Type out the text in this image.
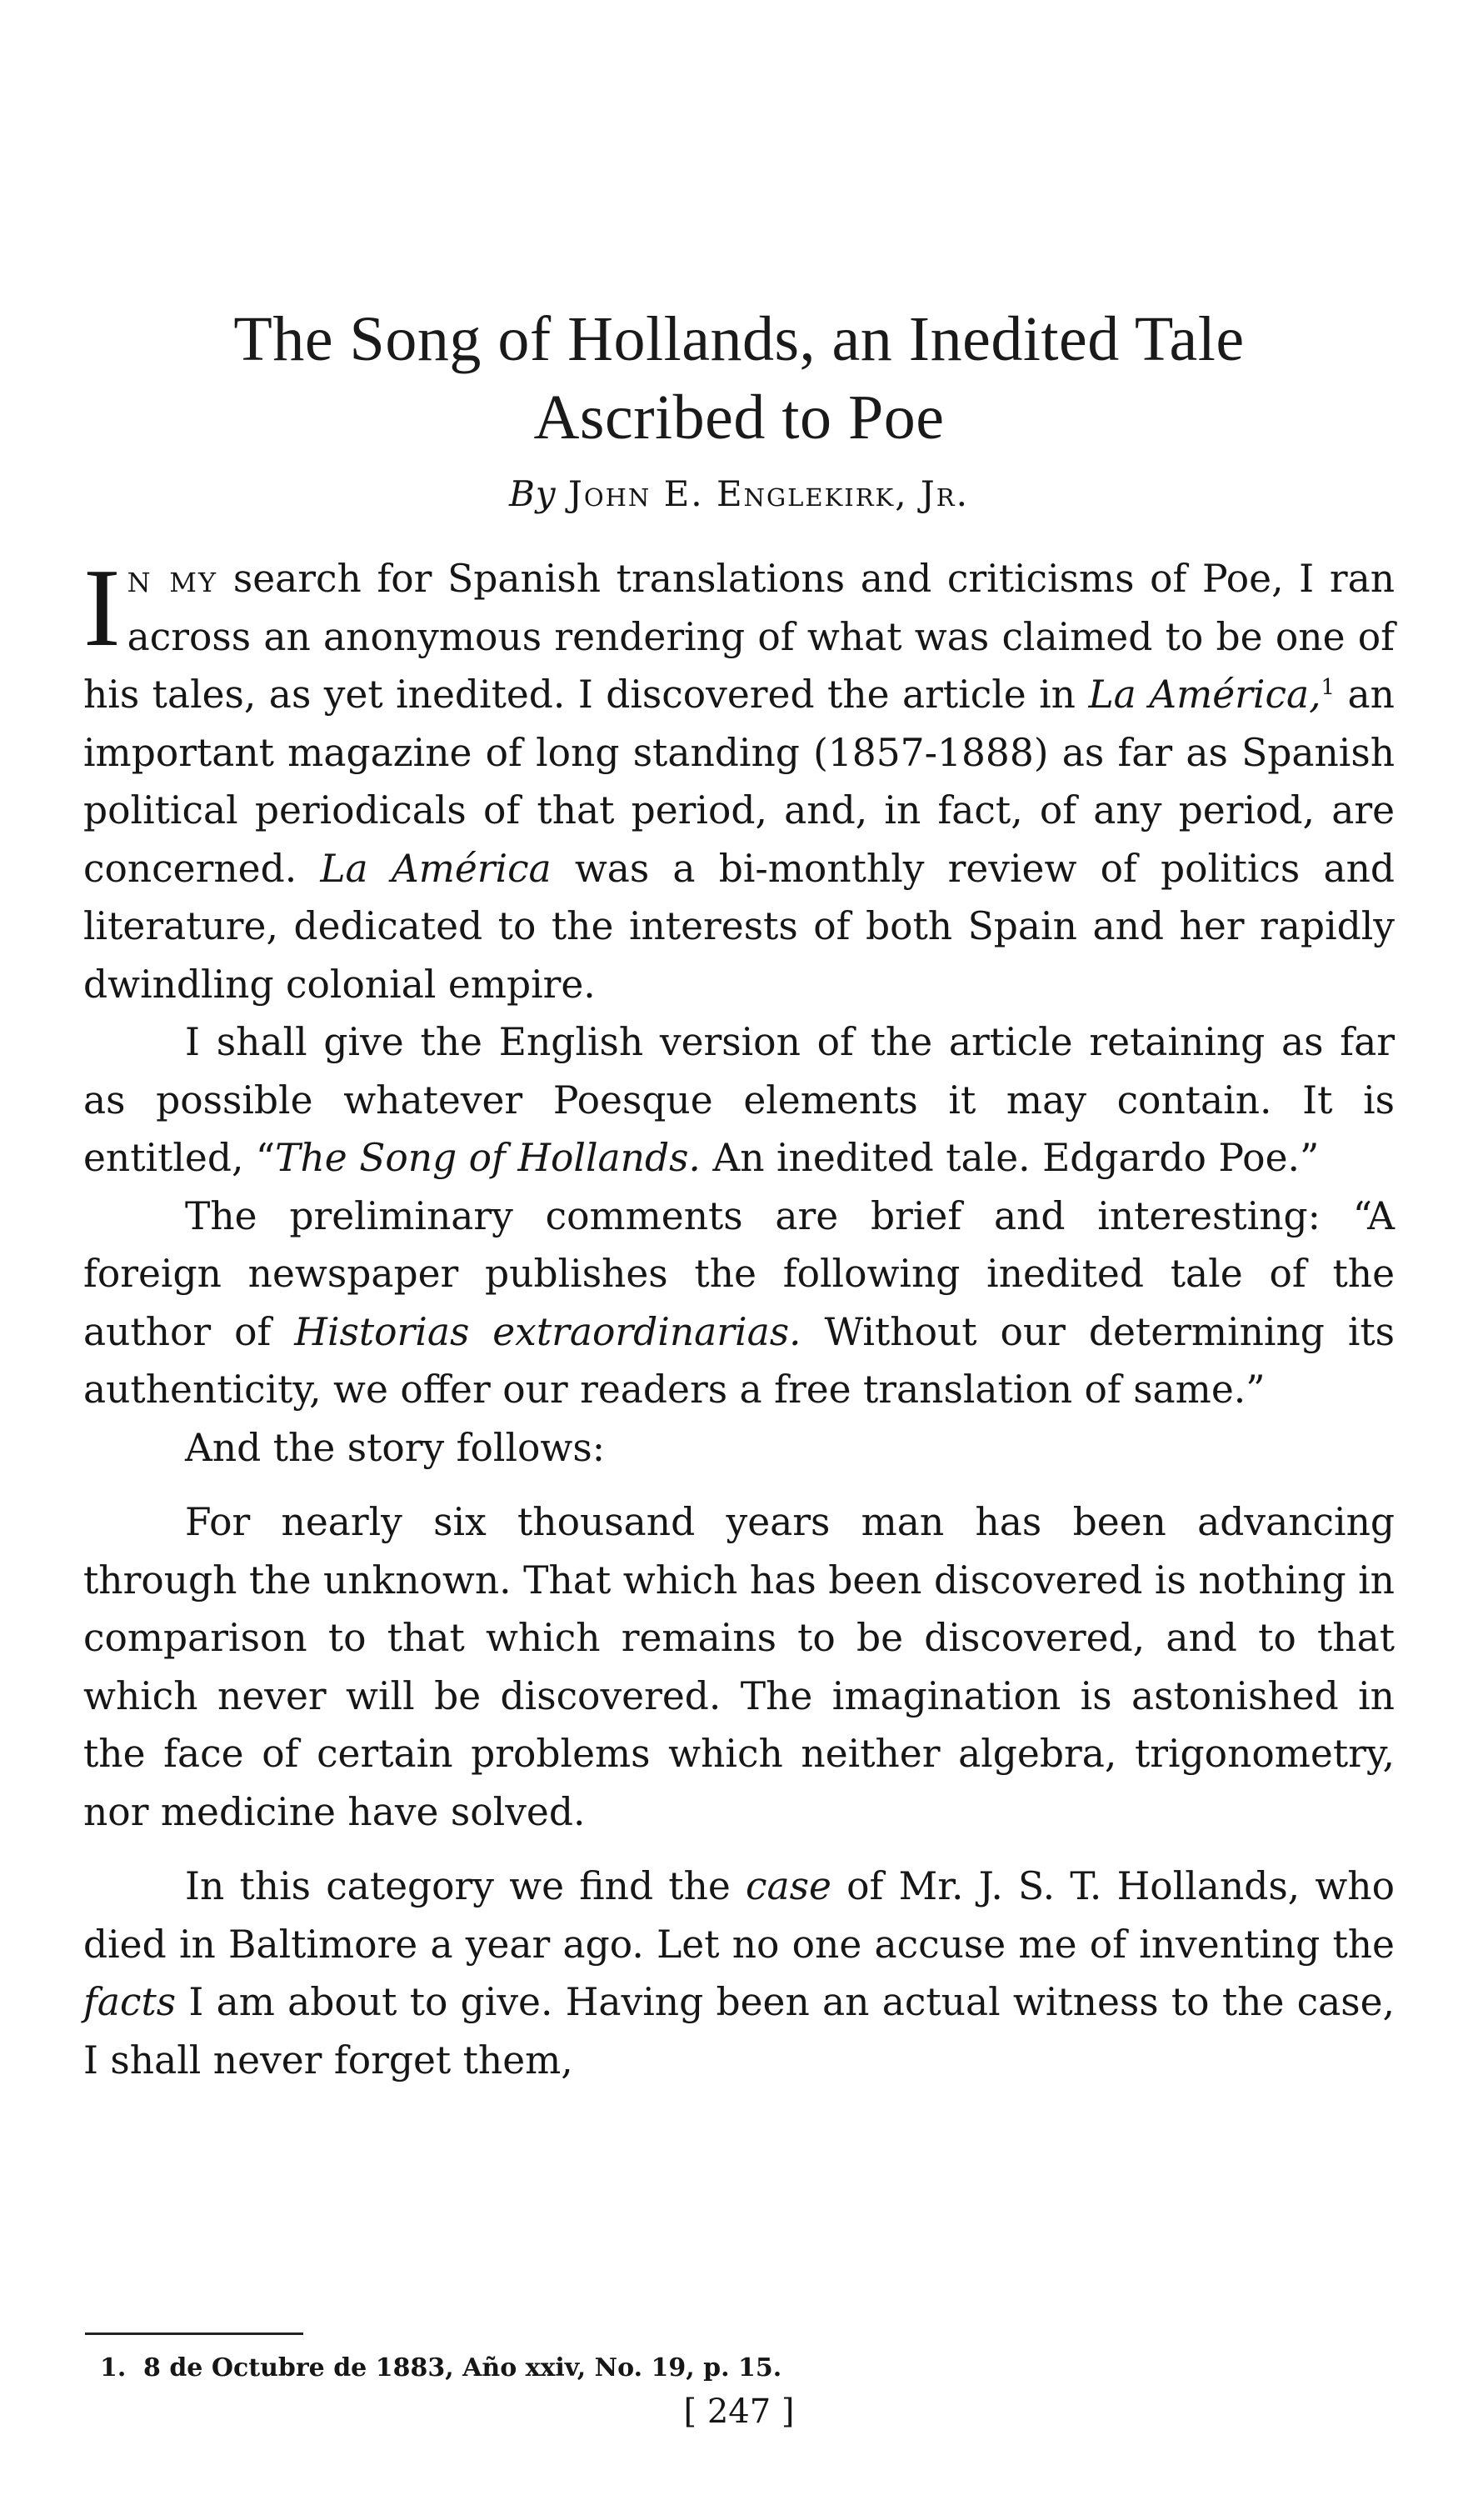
The Song of Hollands, an Inedited Tale
Ascribed to Poe
By John E. Englekirk, Jr.

In my search for Spanish translations and criticisms of Poe, I ran across an anonymous rendering of what was claimed to be one of his tales, as yet inedited. I discovered the article in La América,$^1$ an important magazine of long standing (1857-1888) as far as Spanish political periodicals of that period, and, in fact, of any period, are concerned. La América was a bi-monthly review of politics and literature, dedicated to the interests of both Spain and her rapidly dwindling colonial empire.

I shall give the English version of the article retaining as far as possible whatever Poesque elements it may contain. It is entitled, “The Song of Hollands. An inedited tale. Edgardo Poe.”

The preliminary comments are brief and interesting: “A foreign newspaper publishes the following inedited tale of the author of Historias extraordinarias. Without our determining its authenticity, we offer our readers a free translation of same.”

And the story follows:

For nearly six thousand years man has been advancing through the unknown. That which has been discovered is nothing in comparison to that which remains to be discovered, and to that which never will be discovered. The imagination is astonished in the face of certain problems which neither algebra, trigonometry, nor medicine have solved.

In this category we find the case of Mr. J. S. T. Hollands, who died in Baltimore a year ago. Let no one accuse me of inventing the facts I am about to give. Having been an actual witness to the case, I shall never forget them,

1. 8 de Octubre de 1883, Año xxiv, No. 19, p. 15.
[ 247 ]
